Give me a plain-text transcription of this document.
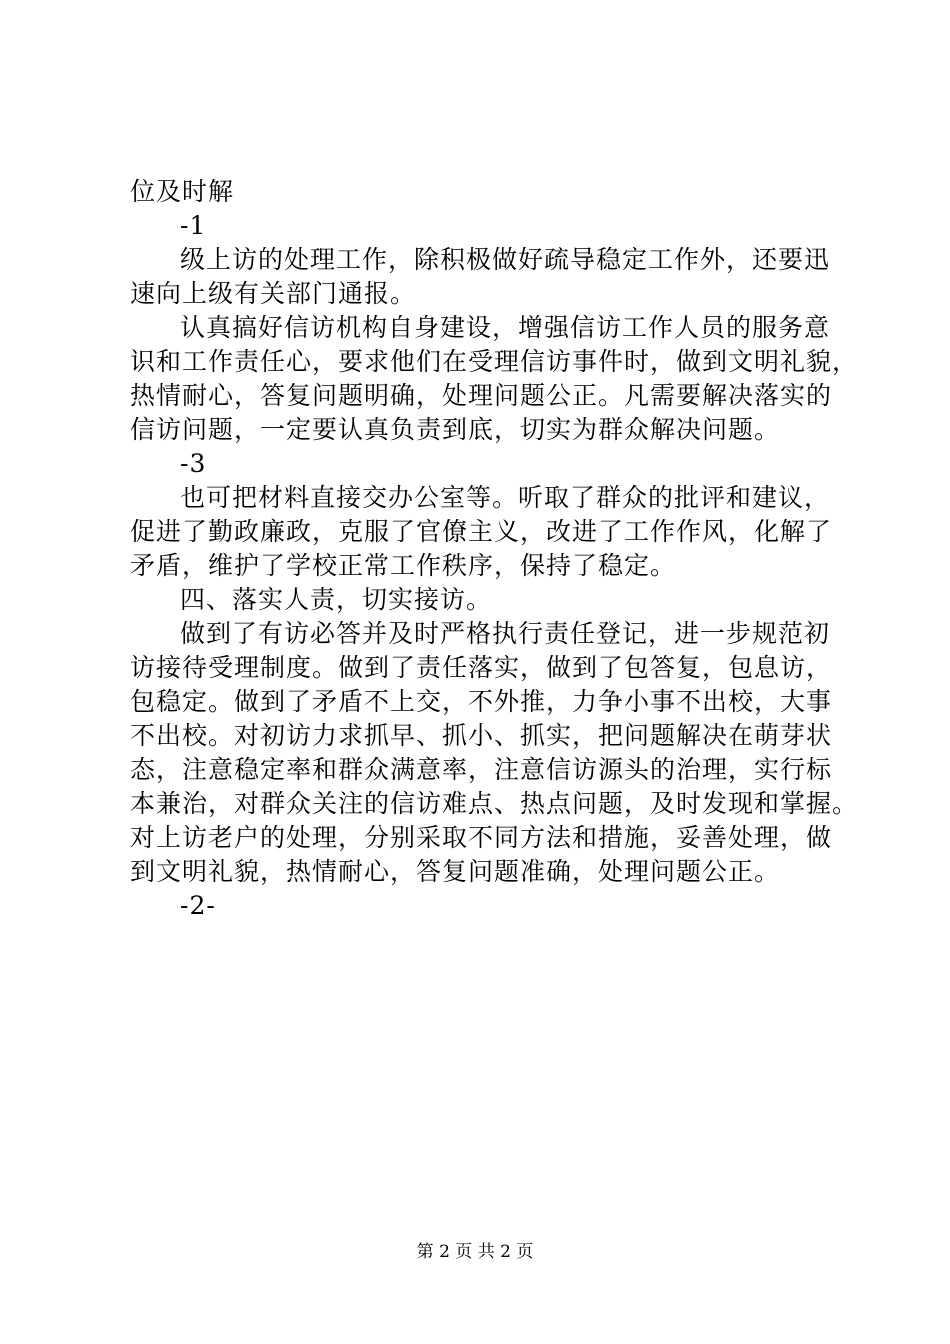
位及时解
-1
级上访的处理工作，除积极做好疏导稳定工作外，还要迅
速向上级有关部门通报。
认真搞好信访机构自身建设，增强信访工作人员的服务意
识和工作责任心，要求他们在受理信访事件时，做到文明礼貌，
热情耐心，答复问题明确，处理问题公正。凡需要解决落实的
信访问题，一定要认真负责到底，切实为群众解决问题。
-3
也可把材料直接交办公室等。听取了群众的批评和建议，
促进了勤政廉政，克服了官僚主义，改进了工作作风，化解了
矛盾，维护了学校正常工作秩序，保持了稳定。
四、落实人责，切实接访。
做到了有访必答并及时严格执行责任登记，进一步规范初
访接待受理制度。做到了责任落实，做到了包答复，包息访，
包稳定。做到了矛盾不上交，不外推，力争小事不出校，大事
不出校。对初访力求抓早、抓小、抓实，把问题解决在萌芽状
态，注意稳定率和群众满意率，注意信访源头的治理，实行标
本兼治，对群众关注的信访难点、热点问题，及时发现和掌握。
对上访老户的处理，分别采取不同方法和措施，妥善处理，做
到文明礼貌，热情耐心，答复问题准确，处理问题公正。
-2-
第 2 页 共 2 页
